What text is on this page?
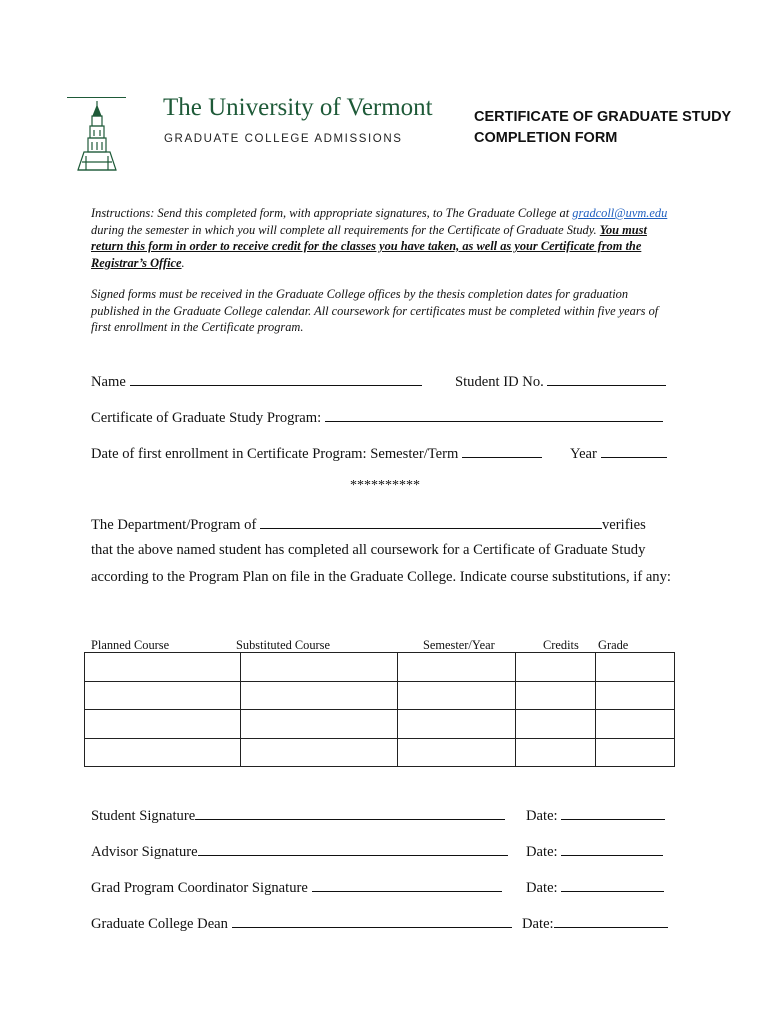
The University of Vermont
GRADUATE COLLEGE ADMISSIONS
CERTIFICATE OF GRADUATE STUDY
COMPLETION FORM
Instructions: Send this completed form, with appropriate signatures, to The Graduate College at gradcoll@uvm.edu during the semester in which you will complete all requirements for the Certificate of Graduate Study. You must return this form in order to receive credit for the classes you have taken, as well as your Certificate from the Registrar’s Office.
Signed forms must be received in the Graduate College offices by the thesis completion dates for graduation published in the Graduate College calendar. All coursework for certificates must be completed within five years of first enrollment in the Certificate program.
Name	Student ID No.
Certificate of Graduate Study Program:
Date of first enrollment in Certificate Program: Semester/Term	Year
**********
The Department/Program of	verifies
that the above named student has completed all coursework for a Certificate of Graduate Study according to the Program Plan on file in the Graduate College. Indicate course substitutions, if any:
Planned Course	Substituted Course	Semester/Year	Credits Grade

Student Signature	Date:
Advisor Signature	Date:
Grad Program Coordinator Signature	Date:
Graduate College Dean	Date:
